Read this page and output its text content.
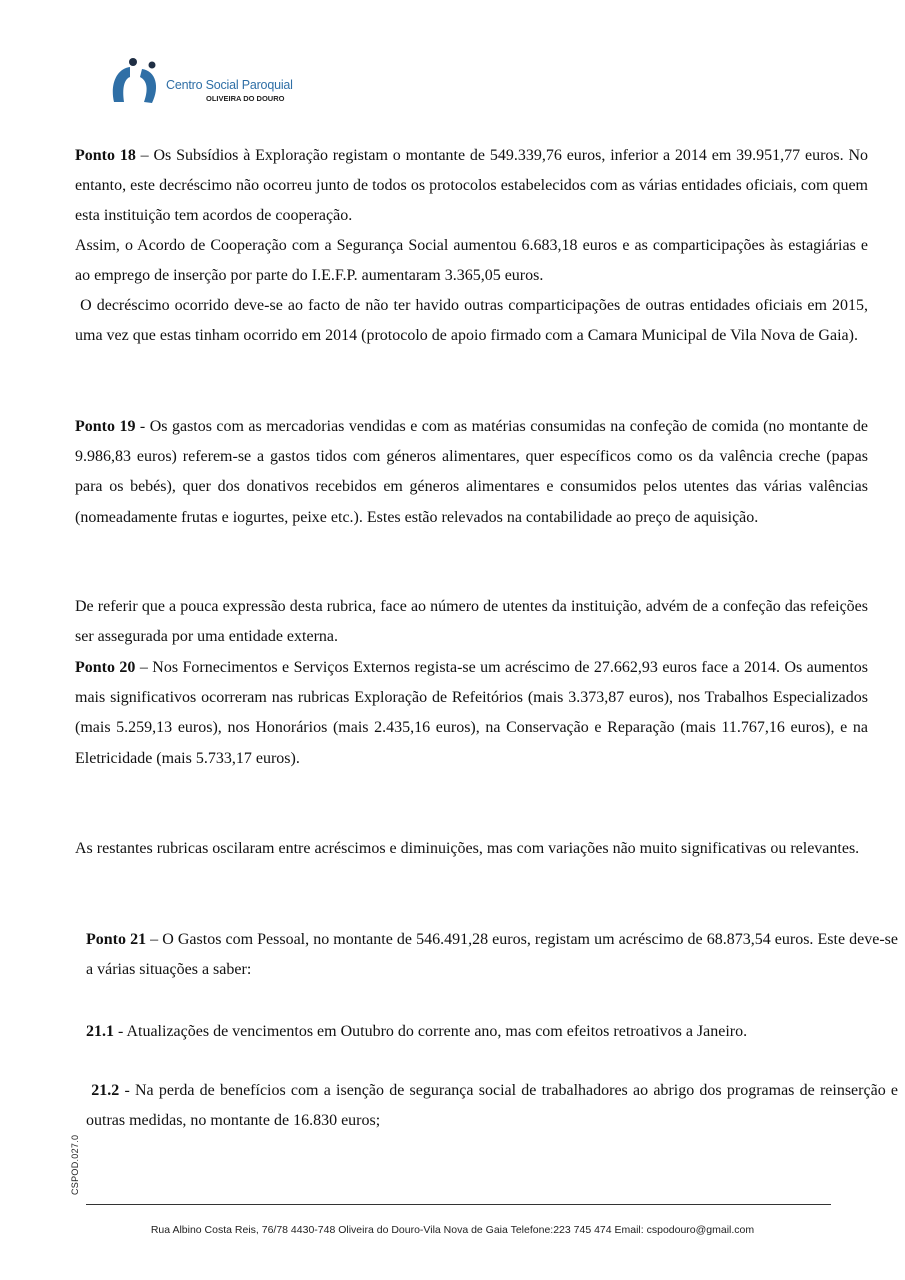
Centro Social Paroquial
OLIVEIRA DO DOURO

Ponto 18 – Os Subsídios à Exploração registam o montante de 549.339,76 euros, inferior a 2014 em 39.951,77 euros. No entanto, este decréscimo não ocorreu junto de todos os protocolos estabelecidos com as várias entidades oficiais, com quem esta instituição tem acordos de cooperação.

Assim, o Acordo de Cooperação com a Segurança Social aumentou 6.683,18 euros e as comparticipações às estagiárias e ao emprego de inserção por parte do I.E.F.P. aumentaram 3.365,05 euros.

O decréscimo ocorrido deve-se ao facto de não ter havido outras comparticipações de outras entidades oficiais em 2015, uma vez que estas tinham ocorrido em 2014 (protocolo de apoio firmado com a Camara Municipal de Vila Nova de Gaia).

Ponto 19 - Os gastos com as mercadorias vendidas e com as matérias consumidas na confeção de comida (no montante de 9.986,83 euros) referem-se a gastos tidos com géneros alimentares, quer específicos como os da valência creche (papas para os bebés), quer dos donativos recebidos em géneros alimentares e consumidos pelos utentes das várias valências (nomeadamente frutas e iogurtes, peixe etc.). Estes estão relevados na contabilidade ao preço de aquisição.

De referir que a pouca expressão desta rubrica, face ao número de utentes da instituição, advém de a confeção das refeições ser assegurada por uma entidade externa.

Ponto 20 – Nos Fornecimentos e Serviços Externos regista-se um acréscimo de 27.662,93 euros face a 2014. Os aumentos mais significativos ocorreram nas rubricas Exploração de Refeitórios (mais 3.373,87 euros), nos Trabalhos Especializados (mais 5.259,13 euros), nos Honorários (mais 2.435,16 euros), na Conservação e Reparação (mais 11.767,16 euros), e na Eletricidade (mais 5.733,17 euros).

As restantes rubricas oscilaram entre acréscimos e diminuições, mas com variações não muito significativas ou relevantes.

Ponto 21 – O Gastos com Pessoal, no montante de 546.491,28 euros, registam um acréscimo de 68.873,54 euros. Este deve-se a várias situações a saber:

21.1 - Atualizações de vencimentos em Outubro do corrente ano, mas com efeitos retroativos a Janeiro.

21.2 - Na perda de benefícios com a isenção de segurança social de trabalhadores ao abrigo dos programas de reinserção e outras medidas, no montante de 16.830 euros;

CSPOD.027.0
Rua Albino Costa Reis, 76/78 4430-748 Oliveira do Douro-Vila Nova de Gaia Telefone:223 745 474 Email: cspodouro@gmail.com
